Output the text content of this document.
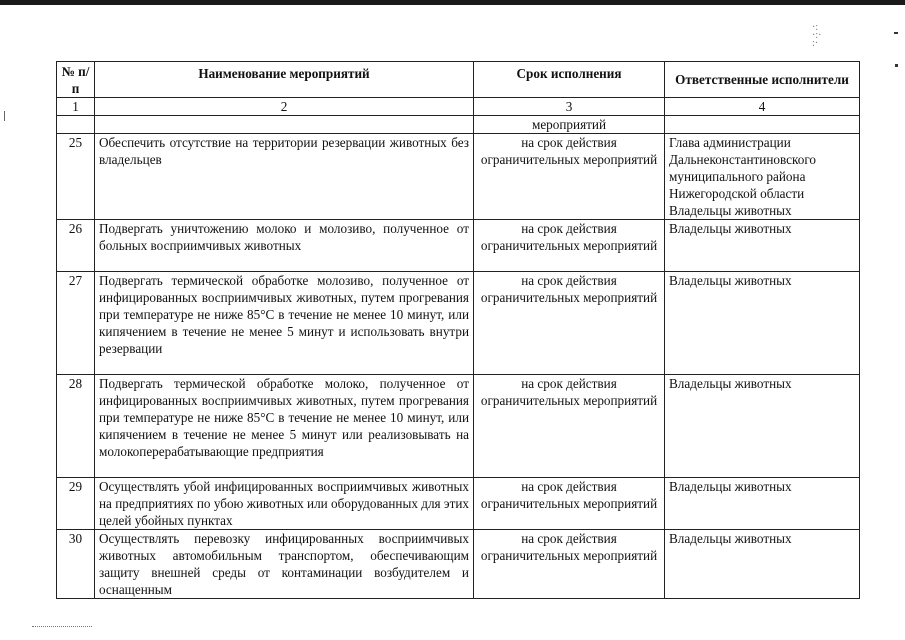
·:
·:·
:·
№ п/п	Наименование мероприятий	Срок исполнения	Ответственные исполнители
1	2	3	4
		мероприятий	
25	Обеспечить отсутствие на территории резервации животных без владельцев	на срок действия ограничительных мероприятий	Глава администрации Дальнеконстантиновского муниципального района Нижегородской области Владельцы животных
26	Подвергать уничтожению молоко и молозиво, полученное от больных восприимчивых животных	на срок действия ограничительных мероприятий	Владельцы животных
27	Подвергать термической обработке молозиво, полученное от инфицированных восприимчивых животных, путем прогревания при температуре не ниже 85°С в течение не менее 10 минут, или кипячением в течение не менее 5 минут и использовать внутри резервации	на срок действия ограничительных мероприятий	Владельцы животных
28	Подвергать термической обработке молоко, полученное от инфицированных восприимчивых животных, путем прогревания при температуре не ниже 85°С в течение не менее 10 минут, или кипячением в течение не менее 5 минут или реализовывать на молокоперерабатывающие предприятия	на срок действия ограничительных мероприятий	Владельцы животных
29	Осуществлять убой инфицированных восприимчивых животных на предприятиях по убою животных или оборудованных для этих целей убойных пунктах	на срок действия ограничительных мероприятий	Владельцы животных
30	Осуществлять перевозку инфицированных восприимчивых животных автомобильным транспортом, обеспечивающим защиту внешней среды от контаминации возбудителем и оснащенным	на срок действия ограничительных мероприятий	Владельцы животных
